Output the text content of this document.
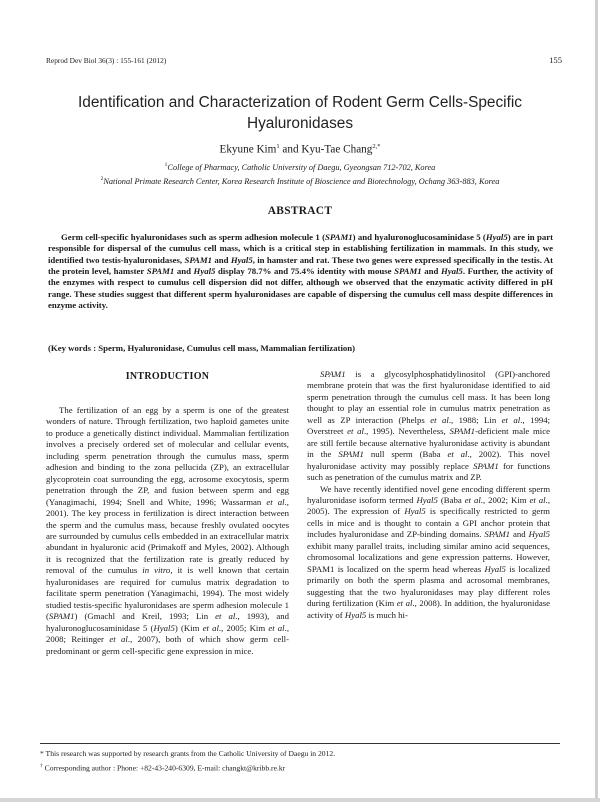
Reprod Dev Biol 36(3) : 155-161 (2012)	155
Identification and Characterization of Rodent Germ Cells-Specific
Hyaluronidases
Ekyune Kim$^1$ and Kyu-Tae Chang$^{2,*}$
$^1$College of Pharmacy, Catholic University of Daegu, Gyeongsan 712-702, Korea
$^2$National Primate Research Center, Korea Research Institute of Bioscience and Biotechnology, Ochang 363-883, Korea
ABSTRACT
Germ cell-specific hyaluronidases such as sperm adhesion molecule 1 (SPAM1) and hyaluronoglucosaminidase 5 (Hyal5) are in part responsible for dispersal of the cumulus cell mass, which is a critical step in establishing fertilization in mammals. In this study, we identified two testis-hyaluronidases, SPAM1 and Hyal5, in hamster and rat. These two genes were expressed specifically in the testis. At the protein level, hamster SPAM1 and Hyal5 display 78.7% and 75.4% identity with mouse SPAM1 and Hyal5. Further, the activity of the enzymes with respect to cumulus cell dispersion did not differ, although we observed that the enzymatic activity differed in pH range. These studies suggest that different sperm hyaluronidases are capable of dispersing the cumulus cell mass despite differences in enzyme activity.
(Key words : Sperm, Hyaluronidase, Cumulus cell mass, Mammalian fertilization)
INTRODUCTION

The fertilization of an egg by a sperm is one of the greatest wonders of nature. Through fertilization, two haploid gametes unite to produce a genetically distinct individual. Mammalian fertilization involves a precisely ordered set of molecular and cellular events, including sperm penetration through the cumulus mass, sperm adhesion and binding to the zona pellucida (ZP), an extracellular glycoprotein coat surrounding the egg, acrosome exocytosis, sperm penetration through the ZP, and fusion between sperm and egg (Yanagimachi, 1994; Snell and White, 1996; Wassarman et al., 2001). The key process in fertilization is direct interaction between the sperm and the cumulus mass, because freshly ovulated oocytes are surrounded by cumulus cells embedded in an extracellular matrix abundant in hyaluronic acid (Primakoff and Myles, 2002). Although it is recognized that the fertilization rate is greatly reduced by removal of the cumulus in vitro, it is well known that certain hyaluronidases are required for cumulus matrix degradation to facilitate sperm penetration (Yanagimachi, 1994). The most widely studied testis-specific hyaluronidases are sperm adhesion molecule 1 (SPAM1) (Gmachl and Kreil, 1993; Lin et al., 1993), and hyaluronoglucosaminidase 5 (Hyal5) (Kim et al., 2005; Kim et al., 2008; Reitinger et al., 2007), both of which show germ cell-predominant or germ cell-specific gene expression in mice.

SPAM1 is a glycosylphosphatidylinositol (GPI)-anchored membrane protein that was the first hyaluronidase identified to aid sperm penetration through the cumulus cell mass. It has been long thought to play an essential role in cumulus matrix penetration as well as ZP interaction (Phelps et al., 1988; Lin et al., 1994; Overstreet et al., 1995). Nevertheless, SPAM1-deficient male mice are still fertile because alternative hyaluronidase activity is abundant in the SPAM1 null sperm (Baba et al., 2002). This novel hyaluronidase activity may possibly replace SPAM1 for functions such as penetration of the cumulus matrix and ZP.

We have recently identified novel gene encoding different sperm hyaluronidase isoform termed Hyal5 (Baba et al., 2002; Kim et al., 2005). The expression of Hyal5 is specifically restricted to germ cells in mice and is thought to contain a GPI anchor protein that includes hyaluronidase and ZP-binding domains. SPAM1 and Hyal5 exhibit many parallel traits, including similar amino acid sequences, chromosomal localizations and gene expression patterns. However, SPAM1 is localized on the sperm head whereas Hyal5 is localized primarily on both the sperm plasma and acrosomal membranes, suggesting that the two hyaluronidases may play different roles during fertilization (Kim et al., 2008). In addition, the hyaluronidase activity of Hyal5 is much hi-

* This research was supported by research grants from the Catholic University of Daegu in 2012.
† Corresponding author : Phone: +82-43-240-6309, E-mail: changkt@kribb.re.kr
